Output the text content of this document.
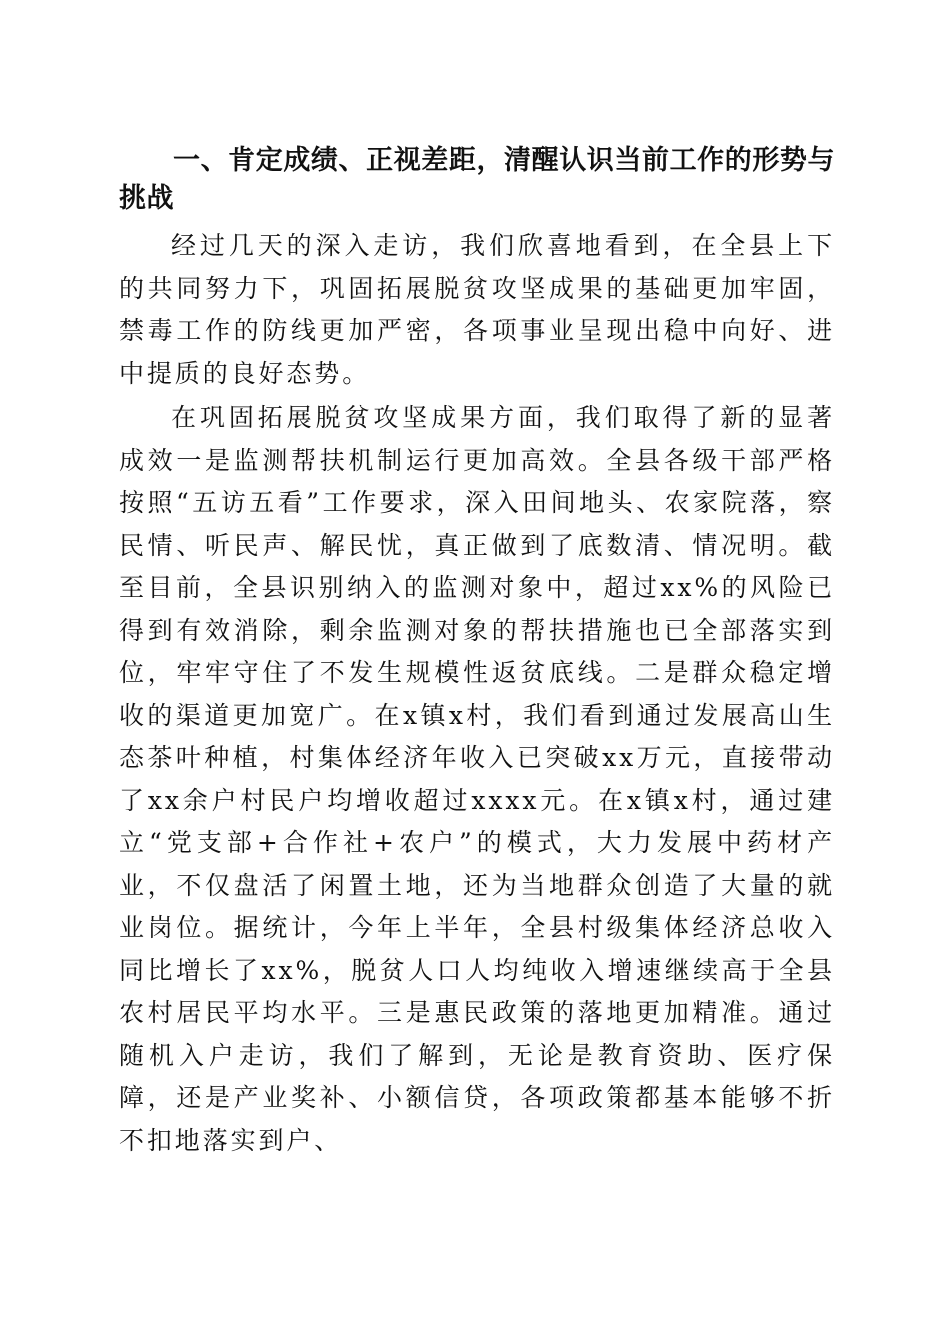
一、肯定成绩、正视差距，清醒认识当前工作的形势与挑战

经过几天的深入走访，我们欣喜地看到，在全县上下的共同努力下，巩固拓展脱贫攻坚成果的基础更加牢固，禁毒工作的防线更加严密，各项事业呈现出稳中向好、进中提质的良好态势。

在巩固拓展脱贫攻坚成果方面，我们取得了新的显著成效一是监测帮扶机制运行更加高效。全县各级干部严格按照“五访五看”工作要求，深入田间地头、农家院落，察民情、听民声、解民忧，真正做到了底数清、情况明。截至目前，全县识别纳入的监测对象中，超过xx%的风险已得到有效消除，剩余监测对象的帮扶措施也已全部落实到位，牢牢守住了不发生规模性返贫底线。二是群众稳定增收的渠道更加宽广。在x镇x村，我们看到通过发展高山生态茶叶种植，村集体经济年收入已突破xx万元，直接带动了xx余户村民户均增收超过xxxx元。在x镇x村，通过建立“党支部+合作社+农户”的模式，大力发展中药材产业，不仅盘活了闲置土地，还为当地群众创造了大量的就业岗位。据统计，今年上半年，全县村级集体经济总收入同比增长了xx%，脱贫人口人均纯收入增速继续高于全县农村居民平均水平。三是惠民政策的落地更加精准。通过随机入户走访，我们了解到，无论是教育资助、医疗保障，还是产业奖补、小额信贷，各项政策都基本能够不折不扣地落实到户、
